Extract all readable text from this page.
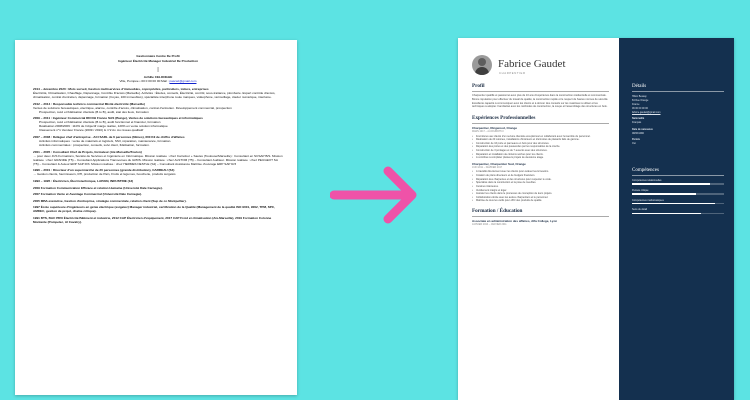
Gestionnaire Centre De Profit
Ingénieur Électricité Manager Industriel De Production
|
Achille CELONGHE
Ville, Pompée • 00 0 00 00 00 Mail : pascaz@gmail.com
2014 – décembre 2020 : Mots surveil, Gestion multiservices d'immeubles, copropriétés, particuliers, toiture, entreprises
Électricité, Climatisation, Chauffage, Dépannage, Contrôle D'accès (Marseille). Activités : Études, conseils, Électricité, contrôl, sous-traitance, plomberie. Expert contrôle d'accès, climatisation, contrat d'entretien, dépannage, formation (Coyas, 100 immeubles), spécialiste interphone toute marques, vidéophone, vérrouillage, clavier numérique, interlume.
2012 – 2014 : Responsable technico commercial Mixité électricité (Marseille)
Ventes de solutions bureautiques, électrique, alarme, contrôle d'accès, climatisation, contrat d'entretien. Développement commercial, prospection
Prospection, suivi et fidélisation clientèle (B to B), audit, état des lieux, formation
2009 – 2011 : Ingénieur Commercial RICOH France SAS (Bunge), Ventes de solutions bureautiques et informatiques
Prospection, suivi et fidélisation clientèle (B to B), audit fonctionnel et financier, formation
Réalisation 2008/2009 : 110% de l'objectif marge réalisé, 120% en vente solution informatique
Classement n°1 Vendeur France (2009 / 2010) & n°2 Av. Au niveau qualitatif
2007 – 2008 : Délégué chef d'entreprise - ACI SARL de 6 personnes (Nîmes), 600 K€ de chiffre d'affaires
Activités informatiques : vente de matériels et logiciels, SSII, réparation, maintenance, formation.
Activités commerciales : prospection, conseils, suivi client, fidélisation, formation.
2001 – 2005 : Consultant Chef de Projets, formateur (Aix-Marseille/Toulon)
→ pour deux JUS Formations, Société de Services et Ingénierie en Informatique. Mission réalisée : chez Carrefour + Saules (Toulouse/Marseille) : Consultant en SCSAP B/S. Mission réalisée : chez GRANDE (T5) – Consultant Applications Transverses du GPRS. Mission réalisée : chez ALSTOM (T5) – Consultant Auditeur. Mission réalisée : chez PEUGEOT SA (T5) – Consultant & Auteur ERP SAP R/3. Mission réalisée : chez HERMES NESTLE (S4) – Consultant Assistance Maîtrise d'ouvrage ERP SAP R/3
1996 – 2001 : Directeur d'un supermarché de 20 personnes (grande distribution), CARREAU (S4)
→ Gestion clients, fournisseurs, RH, production de Pain, Fruits et légumes, boucherie, produits surgelés
1993 – 1995 : Électricien, Électrotechnique, LAPAIN, INDUSTRIE (13)
2009 Formation Communication Efficace et relation Humaine (Université Dale Carnegie).
2007 Formation Vente et Avantage Commercial (Université Dale Carnegie).
2005 MBA exécutive, Gestion d'entreprise, stratégie commerciale, relation client (Sup de co Montpellier).
1997 École supérieure d'ingénieurs en génie électrique (esigelec) Manager industriel, certification de la Qualité (Management de la qualité ISO 9001, 9002, TPM, SPC, AMDEC, gestion de projet, chaîne critique).
1991 BTS, BAC PRO Électricité Bâtiment et industrie, 2012 CAP Électricien d'équipement, 2017 CAP Froid et climatisation (Aix-Marseille), 2019 Formation Colonne Montante (Pompelec, Al Cavalry).
Fabrice Gaudet
CHARPENTIER
Profil
Charpentier qualifié et passionné avec plus de 10 ans d'expérience dans la construction résidentielle et commerciale. Bonne réputation pour effectuer du travail de qualité, la construction rapide et le respect de hautes normes de sécurité. Excellente capacité à communiquer avec les clients et à donner des conseils sur les matériaux à utiliser et les techniques à adopter. Familiarisé avec les méthodes de construction, la coupe et l'assemblage des structures en bois.
Expériences Professionnelles
Charpentier, Ringwood, Orange
MARS 2017 – AUJOURD'HUI
• Fournitures aux clients d'un service clientèle exceptionnel en collaborant avec l'ensemble du personnel.
• Réalisation de 20 cuisines, installations d'intérieurs et d'armoires de placards faits de gamme.
• Construction de 16 porte et panneaux en bois pour des structures.
• Réparation des portes et des passerelles par les responsables de la crèche.
• Construction de 3 pontages et de 7 auvents avec des structures.
• Réparation et installation de cloisons sèches pour les clients.
• A contribué à compléter plusieurs projets de deuxième étage.
Charpentier, Charpentier Sud, Orange
JUIN 2011 – FÉVRIER 2017
• A travaillé directement avec les clients pour évaluer leurs besoins.
• Création de plans directeurs et de budgets financiers.
• Réparation des charpentes et des structures pour respecter le code.
• Spécialisé dans la construction et la pose de meubles.
• Cuisines intérieures.
• Ventilement intégré et léger.
• Assister les clients dans le processus de conception de leurs projets.
• Collaboration étroite avec les autres charpentiers et le personnel.
• Maîtrise de tous les outils pour offrir des produits de qualité.
Formation / Éducation
Associate en administration des affaires, Alfa College, Lyon
JANVIER 2010 – JANVIER 2011
Détails
Hilton Bessay
84 Rue Orange
France
06 00 00 00 00
fabrice.gaudet@gmail.com
Nationalité
Français
Date de naissance
08/06/1990
Permis
Oui
Compétences
Compétences relationnelles
Pensée critique
Compétences mathématiques
Sens du détail
